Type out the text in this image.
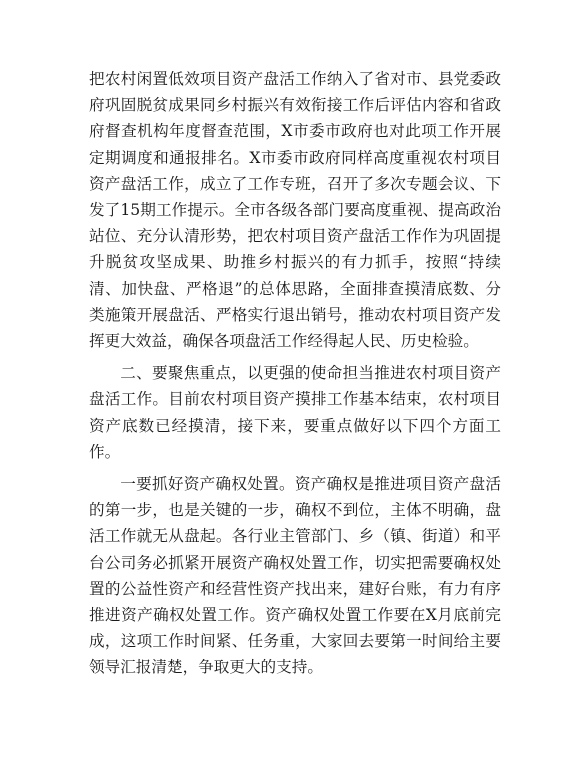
把农村闲置低效项目资产盘活工作纳入了省对市、县党委政府巩固脱贫成果同乡村振兴有效衔接工作后评估内容和省政府督查机构年度督查范围，X市委市政府也对此项工作开展定期调度和通报排名。X市委市政府同样高度重视农村项目资产盘活工作，成立了工作专班，召开了多次专题会议、下发了15期工作提示。全市各级各部门要高度重视、提高政治站位、充分认清形势，把农村项目资产盘活工作作为巩固提升脱贫攻坚成果、助推乡村振兴的有力抓手，按照“持续清、加快盘、严格退”的总体思路，全面排查摸清底数、分类施策开展盘活、严格实行退出销号，推动农村项目资产发挥更大效益，确保各项盘活工作经得起人民、历史检验。

二、要聚焦重点，以更强的使命担当推进农村项目资产盘活工作。目前农村项目资产摸排工作基本结束，农村项目资产底数已经摸清，接下来，要重点做好以下四个方面工作。

一要抓好资产确权处置。资产确权是推进项目资产盘活的第一步，也是关键的一步，确权不到位，主体不明确，盘活工作就无从盘起。各行业主管部门、乡（镇、街道）和平台公司务必抓紧开展资产确权处置工作，切实把需要确权处置的公益性资产和经营性资产找出来，建好台账，有力有序推进资产确权处置工作。资产确权处置工作要在X月底前完成，这项工作时间紧、任务重，大家回去要第一时间给主要领导汇报清楚，争取更大的支持。
